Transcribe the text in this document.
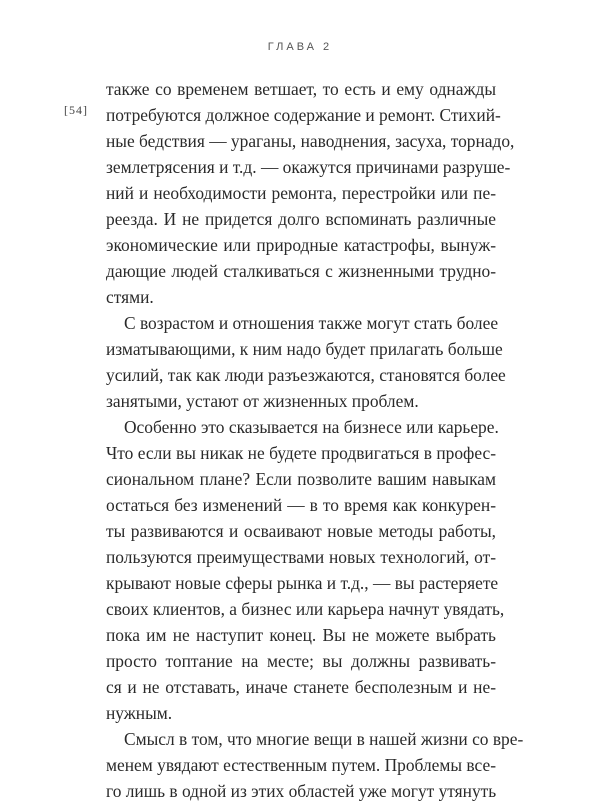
ГЛАВА 2
[54]
также со временем ветшает, то есть и ему однажды
потребуются должное содержание и ремонт. Стихий-
ные бедствия — ураганы, наводнения, засуха, торнадо,
землетрясения и т.д. — окажутся причинами разруше-
ний и необходимости ремонта, перестройки или пе-
реезда. И не придется долго вспоминать различные
экономические или природные катастрофы, вынуж-
дающие людей сталкиваться с жизненными трудно-
стями.
С возрастом и отношения также могут стать более
изматывающими, к ним надо будет прилагать больше
усилий, так как люди разъезжаются, становятся более
занятыми, устают от жизненных проблем.
Особенно это сказывается на бизнесе или карьере.
Что если вы никак не будете продвигаться в профес-
сиональном плане? Если позволите вашим навыкам
остаться без изменений — в то время как конкурен-
ты развиваются и осваивают новые методы работы,
пользуются преимуществами новых технологий, от-
крывают новые сферы рынка и т.д., — вы растеряете
своих клиентов, а бизнес или карьера начнут увядать,
пока им не наступит конец. Вы не можете выбрать
просто топтание на месте; вы должны развивать-
ся и не отставать, иначе станете бесполезным и не-
нужным.
Смысл в том, что многие вещи в нашей жизни со вре-
менем увядают естественным путем. Проблемы все-
го лишь в одной из этих областей уже могут утянуть
